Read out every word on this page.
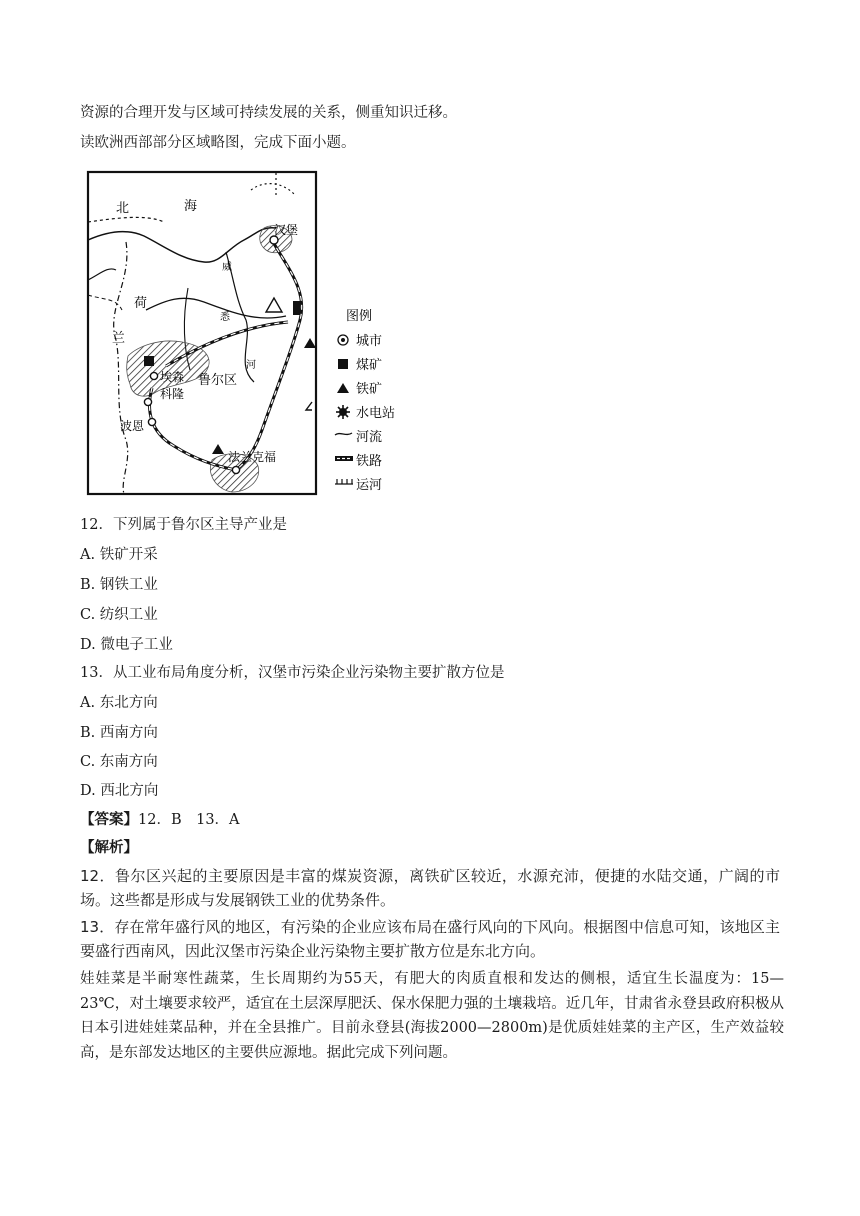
资源的合理开发与区域可持续发展的关系，侧重知识迁移。
读欧洲西部部分区域略图，完成下面小题。
北	海
荷
兰
威
悉
河
汉堡
埃森
科隆
波恩
法兰克福
鲁尔区
图例
城市
煤矿
铁矿
水电站
河流
铁路
运河
12．下列属于鲁尔区主导产业是
A. 铁矿开采
B. 钢铁工业
C. 纺织工业
D. 微电子工业
13．从工业布局角度分析，汉堡市污染企业污染物主要扩散方位是
A. 东北方向
B. 西南方向
C. 东南方向
D. 西北方向
【答案】12．B　13．A
【解析】
12．鲁尔区兴起的主要原因是丰富的煤炭资源，离铁矿区较近，水源充沛，便捷的水陆交通，广阔的市场。这些都是形成与发展钢铁工业的优势条件。
13．存在常年盛行风的地区，有污染的企业应该布局在盛行风向的下风向。根据图中信息可知，该地区主要盛行西南风，因此汉堡市污染企业污染物主要扩散方位是东北方向。
娃娃菜是半耐寒性蔬菜，生长周期约为55天，有肥大的肉质直根和发达的侧根，适宜生长温度为：15—23℃，对土壤要求较严，适宜在土层深厚肥沃、保水保肥力强的土壤栽培。近几年，甘肃省永登县政府积极从日本引进娃娃菜品种，并在全县推广。目前永登县(海拔2000—2800m)是优质娃娃菜的主产区，生产效益较高，是东部发达地区的主要供应源地。据此完成下列问题。
